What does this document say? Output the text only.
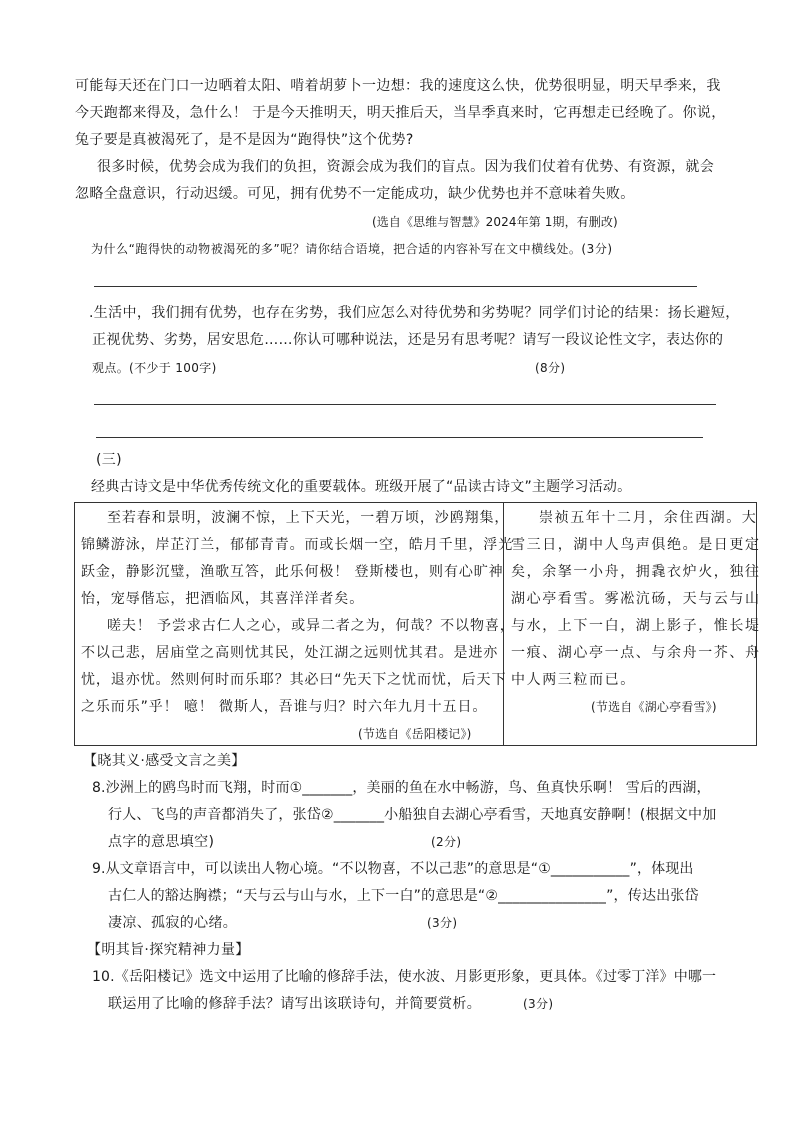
可能每天还在门口一边晒着太阳、啃着胡萝卜一边想：我的速度这么快，优势很明显，明天早季来，我
今天跑都来得及，急什么！ 于是今天推明天，明天推后天，当旱季真来时，它再想走已经晚了。你说，
兔子要是真被渴死了，是不是因为“跑得快”这个优势?
很多时候，优势会成为我们的负担，资源会成为我们的盲点。因为我们仗着有优势、有资源，就会
忽略全盘意识，行动迟缓。可见，拥有优势不一定能成功，缺少优势也并不意味着失败。
(选自《思维与智慧》2024年第 1期，有删改)
为什么“跑得快的动物被渴死的多”呢？请你结合语境，把合适的内容补写在文中横线处。(3分)
.生活中，我们拥有优势，也存在劣势，我们应怎么对待优势和劣势呢？同学们讨论的结果：扬长避短，
正视优势、劣势，居安思危……你认可哪种说法，还是另有思考呢？请写一段议论性文字，表达你的
观点。(不少于 100字)	(8分)
(三)
经典古诗文是中华优秀传统文化的重要载体。班级开展了“品读古诗文”主题学习活动。
至若春和景明，波澜不惊，上下天光，一碧万顷，沙鸥翔集，
锦鳞游泳，岸芷汀兰，郁郁青青。而或长烟一空，皓月千里，浮光
跃金，静影沉璧，渔歌互答，此乐何极！ 登斯楼也，则有心旷神
怡，宠辱偕忘，把酒临风，其喜洋洋者矣。
嗟夫！ 予尝求古仁人之心，或异二者之为，何哉？不以物喜，
不以己悲，居庙堂之高则忧其民，处江湖之远则忧其君。是进亦
忧，退亦忧。然则何时而乐耶？其必曰“先天下之忧而忧，后天下
之乐而乐”乎！ 噫！ 微斯人，吾谁与归？时六年九月十五日。
(节选自《岳阳楼记》)
崇祯五年十二月，余住西湖。大
雪三日，湖中人鸟声俱绝。是日更定
矣，余拏一小舟，拥毳衣炉火，独往
湖心亭看雪。雾凇沆砀，天与云与山
与水，上下一白，湖上影子，惟长堤
一痕、湖心亭一点、与余舟一芥、舟
中人两三粒而已。
(节选自《湖心亭看雪》)
【晓其义·感受文言之美】
8.沙洲上的鸥鸟时而飞翔，时而①_______，美丽的鱼在水中畅游，鸟、鱼真快乐啊！ 雪后的西湖，
行人、飞鸟的声音都消失了，张岱②_______小船独自去湖心亭看雪，天地真安静啊！(根据文中加
点字的意思填空)	(2分)
9.从文章语言中，可以读出人物心境。“不以物喜，不以己悲”的意思是“①___________”，体现出
古仁人的豁达胸襟；“天与云与山与水，上下一白”的意思是“②_______________”，传达出张岱
凄凉、孤寂的心绪。	(3分)
【明其旨·探究精神力量】
10.《岳阳楼记》选文中运用了比喻的修辞手法，使水波、月影更形象，更具体。《过零丁洋》中哪一
联运用了比喻的修辞手法？请写出该联诗句，并简要赏析。	(3分)
